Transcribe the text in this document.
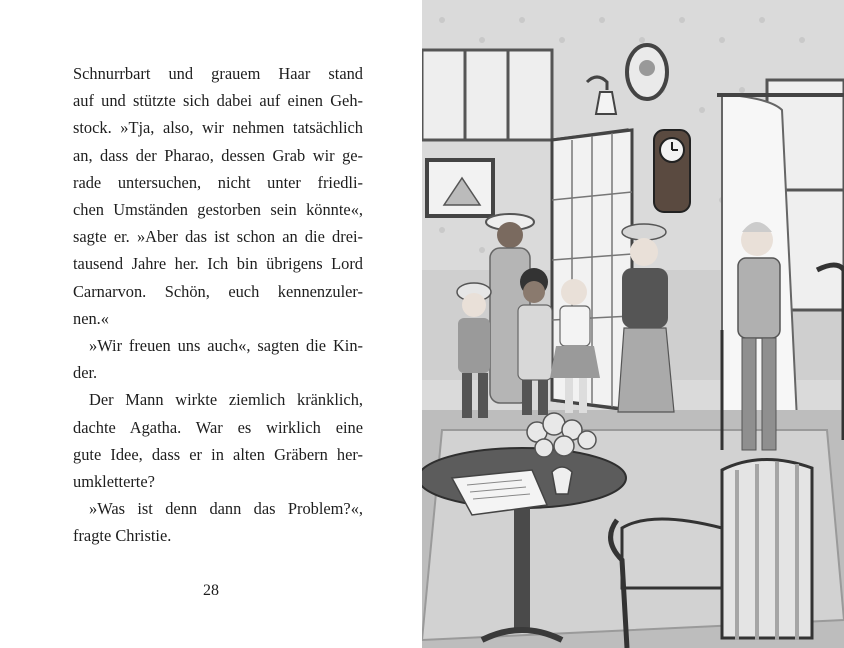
Schnurrbart und grauem Haar stand

auf und stützte sich dabei auf einen Geh-

stock. »Tja, also, wir nehmen tatsächlich

an, dass der Pharao, dessen Grab wir ge-

rade untersuchen, nicht unter friedli-

chen Umständen gestorben sein könnte«,

sagte er. »Aber das ist schon an die drei-

tausend Jahre her. Ich bin übrigens Lord

Carnarvon. Schön, euch kennenzuler-

nen.«

»Wir freuen uns auch«, sagten die Kin-

der.

Der Mann wirkte ziemlich kränklich,

dachte Agatha. War es wirklich eine

gute Idee, dass er in alten Gräbern her-

umkletterte?

»Was ist denn dann das Problem?«,

fragte Christie.

28
